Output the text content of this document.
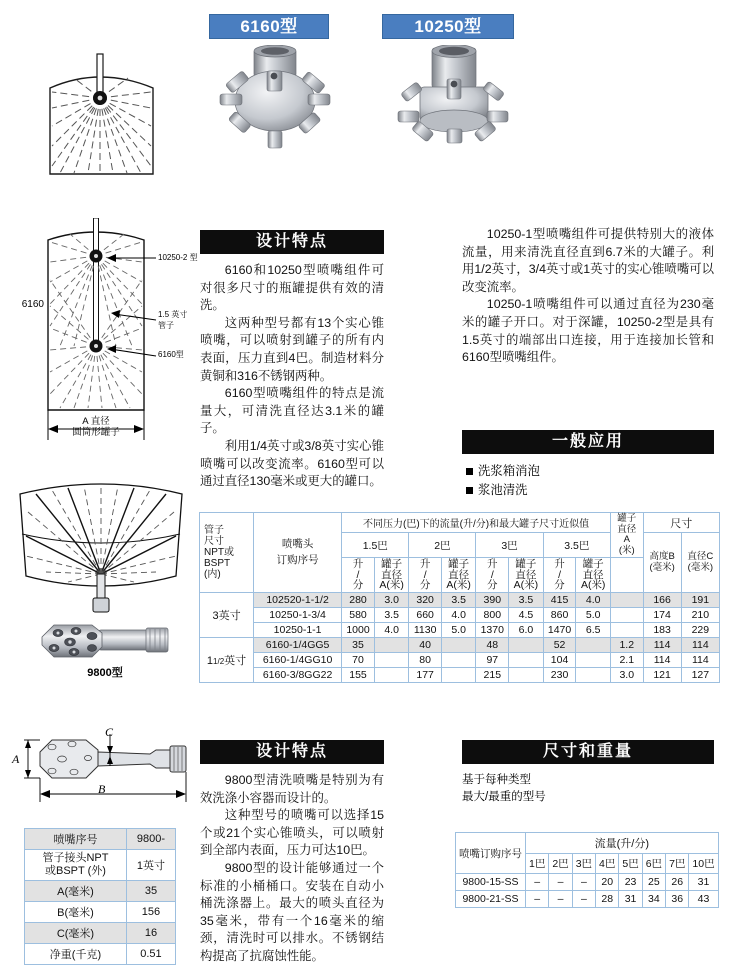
6160型	10250型
6160
10250-2 型
1.5 英寸
管子
6160型
A 直径
圆筒形罐子
9800型
A
C
B
喷嘴序号	9800-

管子接头NPT
或BSPT (外)	1英寸
A(毫米)	35
B(毫米)	156
C(毫米)	16
净重(千克)	0.51
设计特点

6160和10250型喷嘴组件可对很多尺寸的瓶罐提供有效的清洗。

这两种型号都有13个实心锥喷嘴，可以喷射到罐子的所有内表面，压力直到4巴。制造材料分黄铜和316不锈钢两种。

6160型喷嘴组件的特点是流量大，可清洗直径达3.1米的罐子。

利用1/4英寸或3/8英寸实心锥喷嘴可以改变流率。6160型可以通过直径130毫米或更大的罐口。

10250-1型喷嘴组件可提供特别大的液体流量，用来清洗直径直到6.7米的大罐子。利用1/2英寸，3/4英寸或1英寸的实心锥喷嘴可以改变流率。

10250-1喷嘴组件可以通过直径为230毫米的罐子开口。对于深罐，10250-2型是具有1.5英寸的端部出口连接，用于连接加长管和6160型喷嘴组件。

一般应用
洗浆箱消泡
浆池清洗
管子
尺寸
NPT或
BSPT
(内)

喷嘴头
订购序号
	不同压力(巴)下的流量(升/分)和最大罐子尺寸近似值	
罐子
直径
A
(米)
	尺寸
1.5巴	2巴	3巴	3.5巴	
高度B
(毫米)

直径C
(毫米)

升
/
分

罐子
直径
A(米)

升
/
分

罐子
直径
A(米)

升
/
分

罐子
直径
A(米)

升
/
分

罐子
直径
A(米)

3英寸	102520-1-1/2	280	3.0	320	3.5	390	3.5	415	4.0		166	191
	10250-1-3/4	580	3.5	660	4.0	800	4.5	860	5.0		174	210
	10250-1-1	1000	4.0	1130	5.0	1370	6.0	1470	6.5		183	229
11/2英寸	6160-1/4GG5	35		40		48		52		1.2	114	114
	6160-1/4GG10	70		80		97		104		2.1	114	114
	6160-3/8GG22	155		177		215		230		3.0	121	127
设计特点

9800型清洗喷嘴是特别为有效洗涤小容器而设计的。

这种型号的喷嘴可以选择15个或21个实心锥喷头，可以喷射到全部内表面，压力可达10巴。

9800型的设计能够通过一个标准的小桶桶口。安装在自动小桶洗涤器上。最大的喷头直径为35毫米，带有一个16毫米的缩颈，清洗时可以排水。不锈钢结构提高了抗腐蚀性能。

尺寸和重量
基于每种类型
最大/最重的型号
喷嘴订购序号	流量(升/分)							
	1巴	2巴	3巴	4巴	5巴	6巴	7巴	10巴
9800-15-SS	–	–	–	20	23	25	26	31
9800-21-SS	–	–	–	28	31	34	36	43
